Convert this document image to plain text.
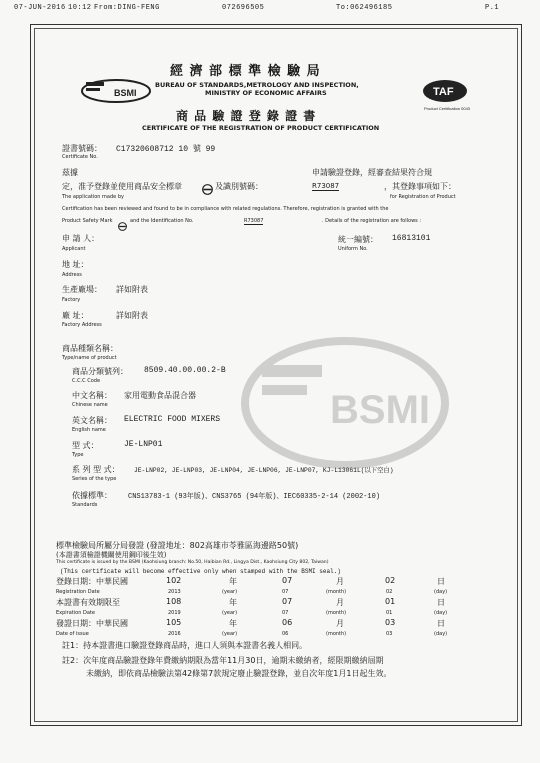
07-JUN-2016 10:12 From:DING-FENG	072696505	To:062496185	P.1
BSMI	TAF
Product Certification 0043
經 濟 部 標 準 檢 驗 局
BUREAU OF STANDARDS,METROLOGY AND INSPECTION,
MINISTRY OF ECONOMIC AFFAIRS
商 品 驗 證 登 錄 證 書
CERTIFICATE OF THE REGISTRATION OF PRODUCT CERTIFICATION
證書號碼： C17320608712 10 號 99
Certificate No.
茲據	申請驗證登錄，經審查結果符合規
定，准予登錄並使用商品安全標章	及識別號碼：	R73087	，其登錄事項如下：
The application made by	for Registration of Product
Certification has been reviewed and found to be in compliance with related regulations. Therefore, registration is granted with the
Product Safety Mark	and the Identification No.	R73087	. Details of the registration are follows :
申 請 人：
Applicant
統一編號： 16813101
Uniform No.
地 址：
Address
生產廠場： 詳如附表
Factory
廠 址：	詳如附表
Factory Address
BSMI
商品種類名稱：
Type/name of product
商品分類號列： 8509.40.00.00.2-B
C.C.C Code
中文名稱： 家用電動食品混合器
Chinese name
英文名稱： ELECTRIC FOOD MIXERS
English name
型 式：	JE-LNP01
Type
系 列 型 式： JE-LNP02, JE-LNP03, JE-LNP04, JE-LNP06, JE-LNP07, KJ-L13061L(以下空白)
Series of the type
依據標準： CNS13783-1 (93年版)、CNS3765 (94年版)、IEC60335-2-14 (2002-10)
Standards
標準檢驗局所屬分局發證 (發證地址：802高雄市苓雅區海邊路50號)
(本證書須檢證機關使用鋼印後生效)
This certificate is issued by the BSMI (Kaohsiung branch: No.50, Haibian Rd., Lingya Dist., Kaohsiung City 802, Taiwan)
(This certificate will become effective only when stamped with the BSMI seal.)
登錄日期：中華民國	102	年	07	月	02	日
Registration Date	2013	(year)	07	(month)	02	(day)
本證書有效期限至	108	年	07	月	01	日
Expiration Date	2019	(year)	07	(month)	01	(day)
發證日期：中華民國	105	年	06	月	03	日
Date of issue	2016	(year)	06	(month)	03	(day)
註1：持本證書進口驗證登錄商品時，進口人須與本證書名義人相同。
註2：次年度商品驗證登錄年費繳納期限為當年11月30日，逾期未繳納者，經限期繳納屆期
未繳納，即依商品檢驗法第42條第7款規定廢止驗證登錄，並自次年度1月1日起生效。
